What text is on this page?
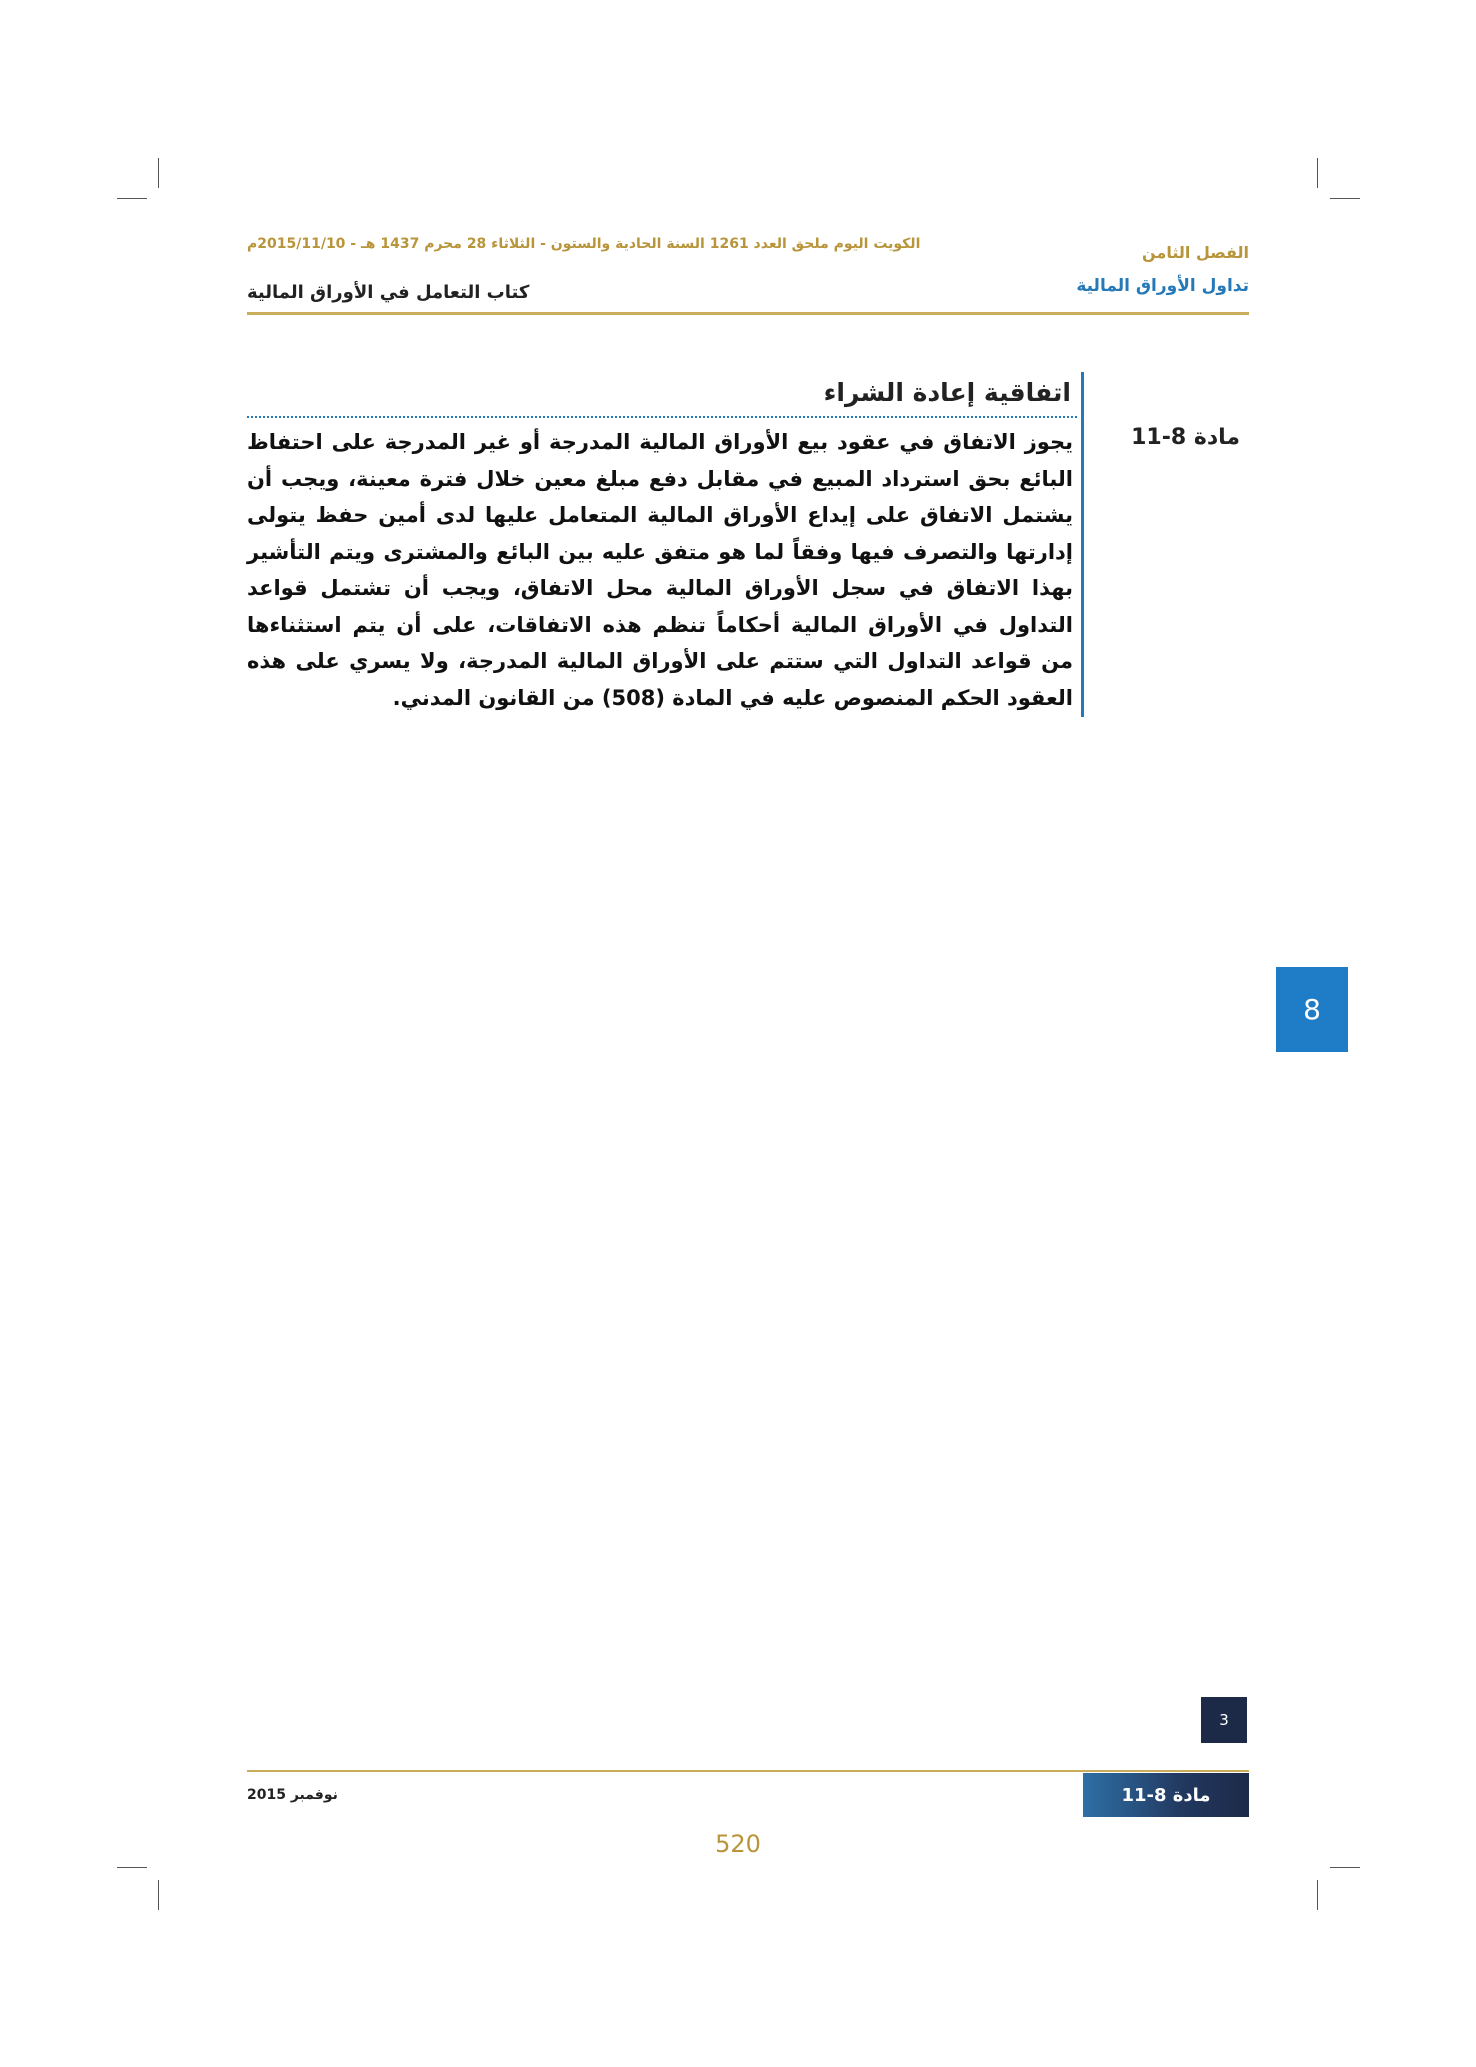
الفصل الثامن
الكويت اليوم ملحق العدد 1261 السنة الحادية والستون - الثلاثاء 28 محرم 1437 هـ - 2015/11/10م
تداول الأوراق المالية
كتاب التعامل في الأوراق المالية
مادة 8-11
اتفاقية إعادة الشراء
يجوز الاتفاق في عقود بيع الأوراق المالية المدرجة أو غير المدرجة على احتفاظ البائع بحق استرداد المبيع في مقابل دفع مبلغ معين خلال فترة معينة، ويجب أن يشتمل الاتفاق على إيداع الأوراق المالية المتعامل عليها لدى أمين حفظ يتولى إدارتها والتصرف فيها وفقاً لما هو متفق عليه بين البائع والمشترى ويتم التأشير بهذا الاتفاق في سجل الأوراق المالية محل الاتفاق، ويجب أن تشتمل قواعد التداول في الأوراق المالية أحكاماً تنظم هذه الاتفاقات، على أن يتم استثناءها من قواعد التداول التي ستتم على الأوراق المالية المدرجة، ولا يسري على هذه العقود الحكم المنصوص عليه في المادة (508) من القانون المدني.
8
3
مادة 8-11
نوفمبر 2015
520
